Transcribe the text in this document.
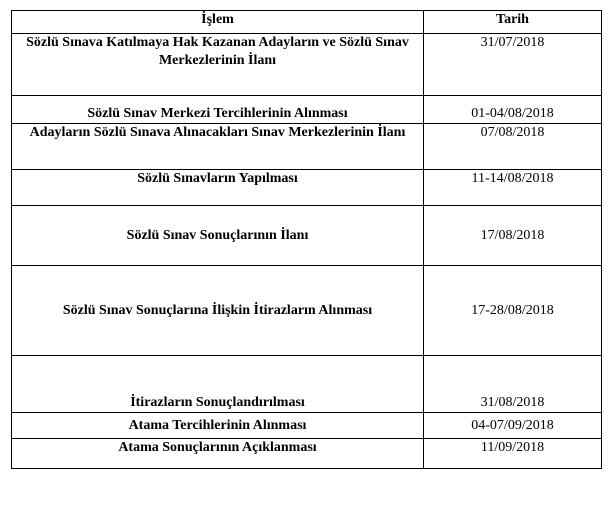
İşlem	Tarih
Sözlü Sınava Katılmaya Hak Kazanan Adayların ve Sözlü Sınav Merkezlerinin İlanı	31/07/2018
Sözlü Sınav Merkezi Tercihlerinin Alınması	01-04/08/2018
Adayların Sözlü Sınava Alınacakları Sınav Merkezlerinin İlanı	07/08/2018
Sözlü Sınavların Yapılması	11-14/08/2018
Sözlü Sınav Sonuçlarının İlanı	17/08/2018
Sözlü Sınav Sonuçlarına İlişkin İtirazların Alınması	17-28/08/2018
İtirazların Sonuçlandırılması	31/08/2018
Atama Tercihlerinin Alınması	04-07/09/2018
Atama Sonuçlarının Açıklanması	11/09/2018
